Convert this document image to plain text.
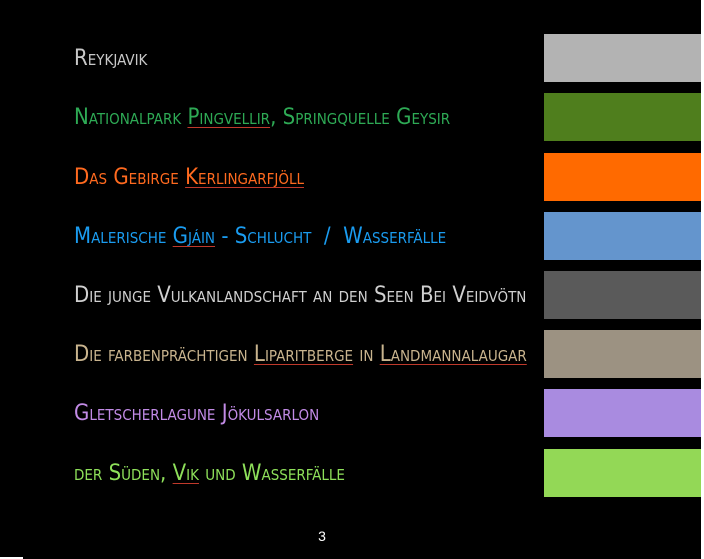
Reykjavik
Nationalpark Pingvellir, Springquelle Geysir
Das Gebirge Kerlingarfjöll
Malerische Gjáin - Schlucht  /  Wasserfälle
Die junge Vulkanlandschaft an den Seen Bei Veidvötn
Die farbenprächtigen Liparitberge in Landmannalaugar
Gletscherlagune Jökulsarlon
der Süden, Vik und Wasserfälle
3
